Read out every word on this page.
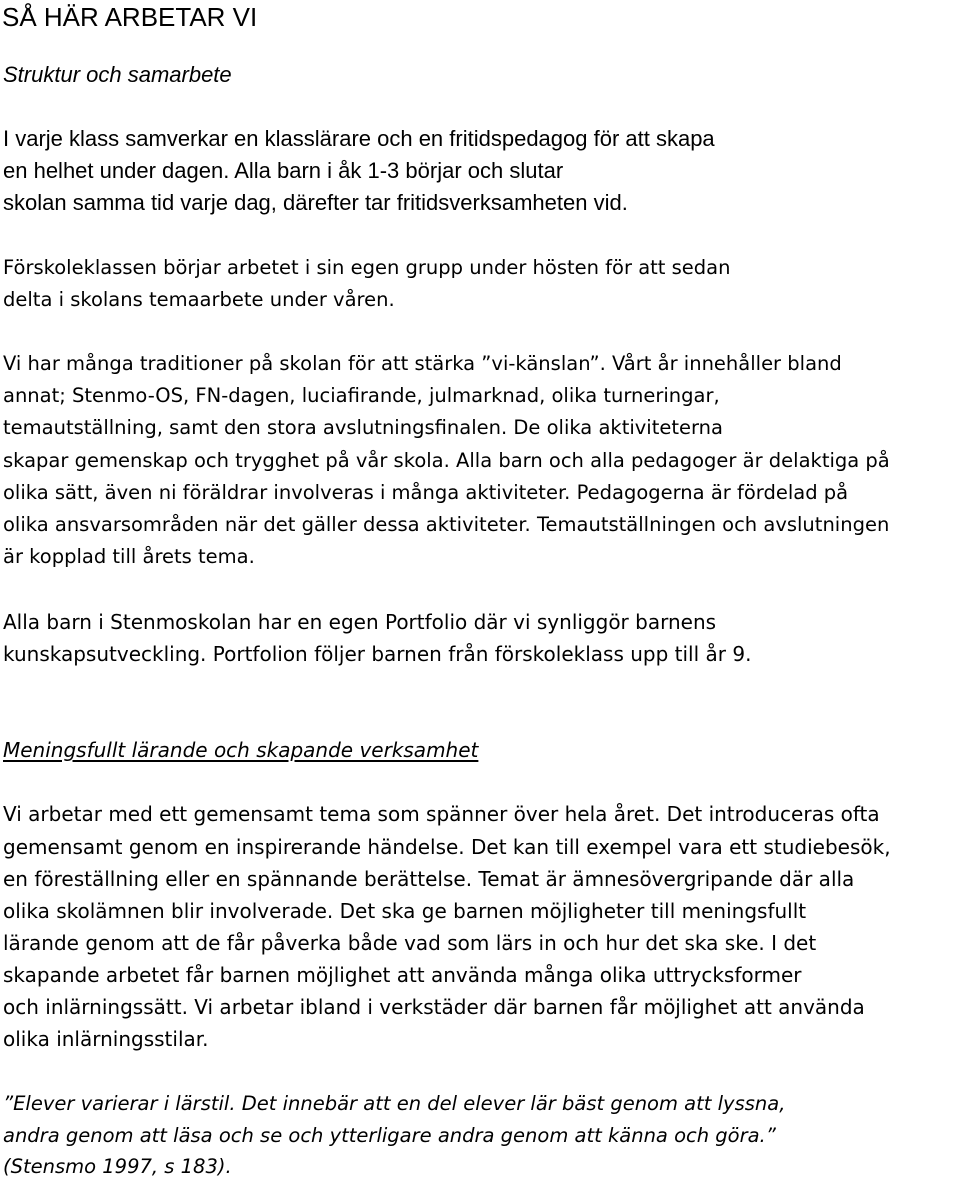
SÅ HÄR ARBETAR VI
Struktur och samarbete
I varje klass samverkar en klasslärare och en fritidspedagog för att skapa
en helhet under dagen. Alla barn i åk 1-3 börjar och slutar
skolan samma tid varje dag, därefter tar fritidsverksamheten vid.
Förskoleklassen börjar arbetet i sin egen grupp under hösten för att sedan
delta i skolans temaarbete under våren.
Vi har många traditioner på skolan för att stärka ”vi-känslan”. Vårt år innehåller bland
annat; Stenmo-OS, FN-dagen, luciafirande, julmarknad, olika turneringar,
temautställning, samt den stora avslutningsfinalen. De olika aktiviteterna
skapar gemenskap och trygghet på vår skola. Alla barn och alla pedagoger är delaktiga på
olika sätt, även ni föräldrar involveras i många aktiviteter. Pedagogerna är fördelad på
olika ansvarsområden när det gäller dessa aktiviteter. Temautställningen och avslutningen
är kopplad till årets tema.
Alla barn i Stenmoskolan har en egen Portfolio där vi synliggör barnens
kunskapsutveckling. Portfolion följer barnen från förskoleklass upp till år 9.
Meningsfullt lärande och skapande verksamhet
Vi arbetar med ett gemensamt tema som spänner över hela året. Det introduceras ofta
gemensamt genom en inspirerande händelse. Det kan till exempel vara ett studiebesök,
en föreställning eller en spännande berättelse. Temat är ämnesövergripande där alla
olika skolämnen blir involverade. Det ska ge barnen möjligheter till meningsfullt
lärande genom att de får påverka både vad som lärs in och hur det ska ske. I det
skapande arbetet får barnen möjlighet att använda många olika uttrycksformer
och inlärningssätt. Vi arbetar ibland i verkstäder där barnen får möjlighet att använda
olika inlärningsstilar.
”Elever varierar i lärstil. Det innebär att en del elever lär bäst genom att lyssna,
andra genom att läsa och se och ytterligare andra genom att känna och göra.”
(Stensmo 1997, s 183).
